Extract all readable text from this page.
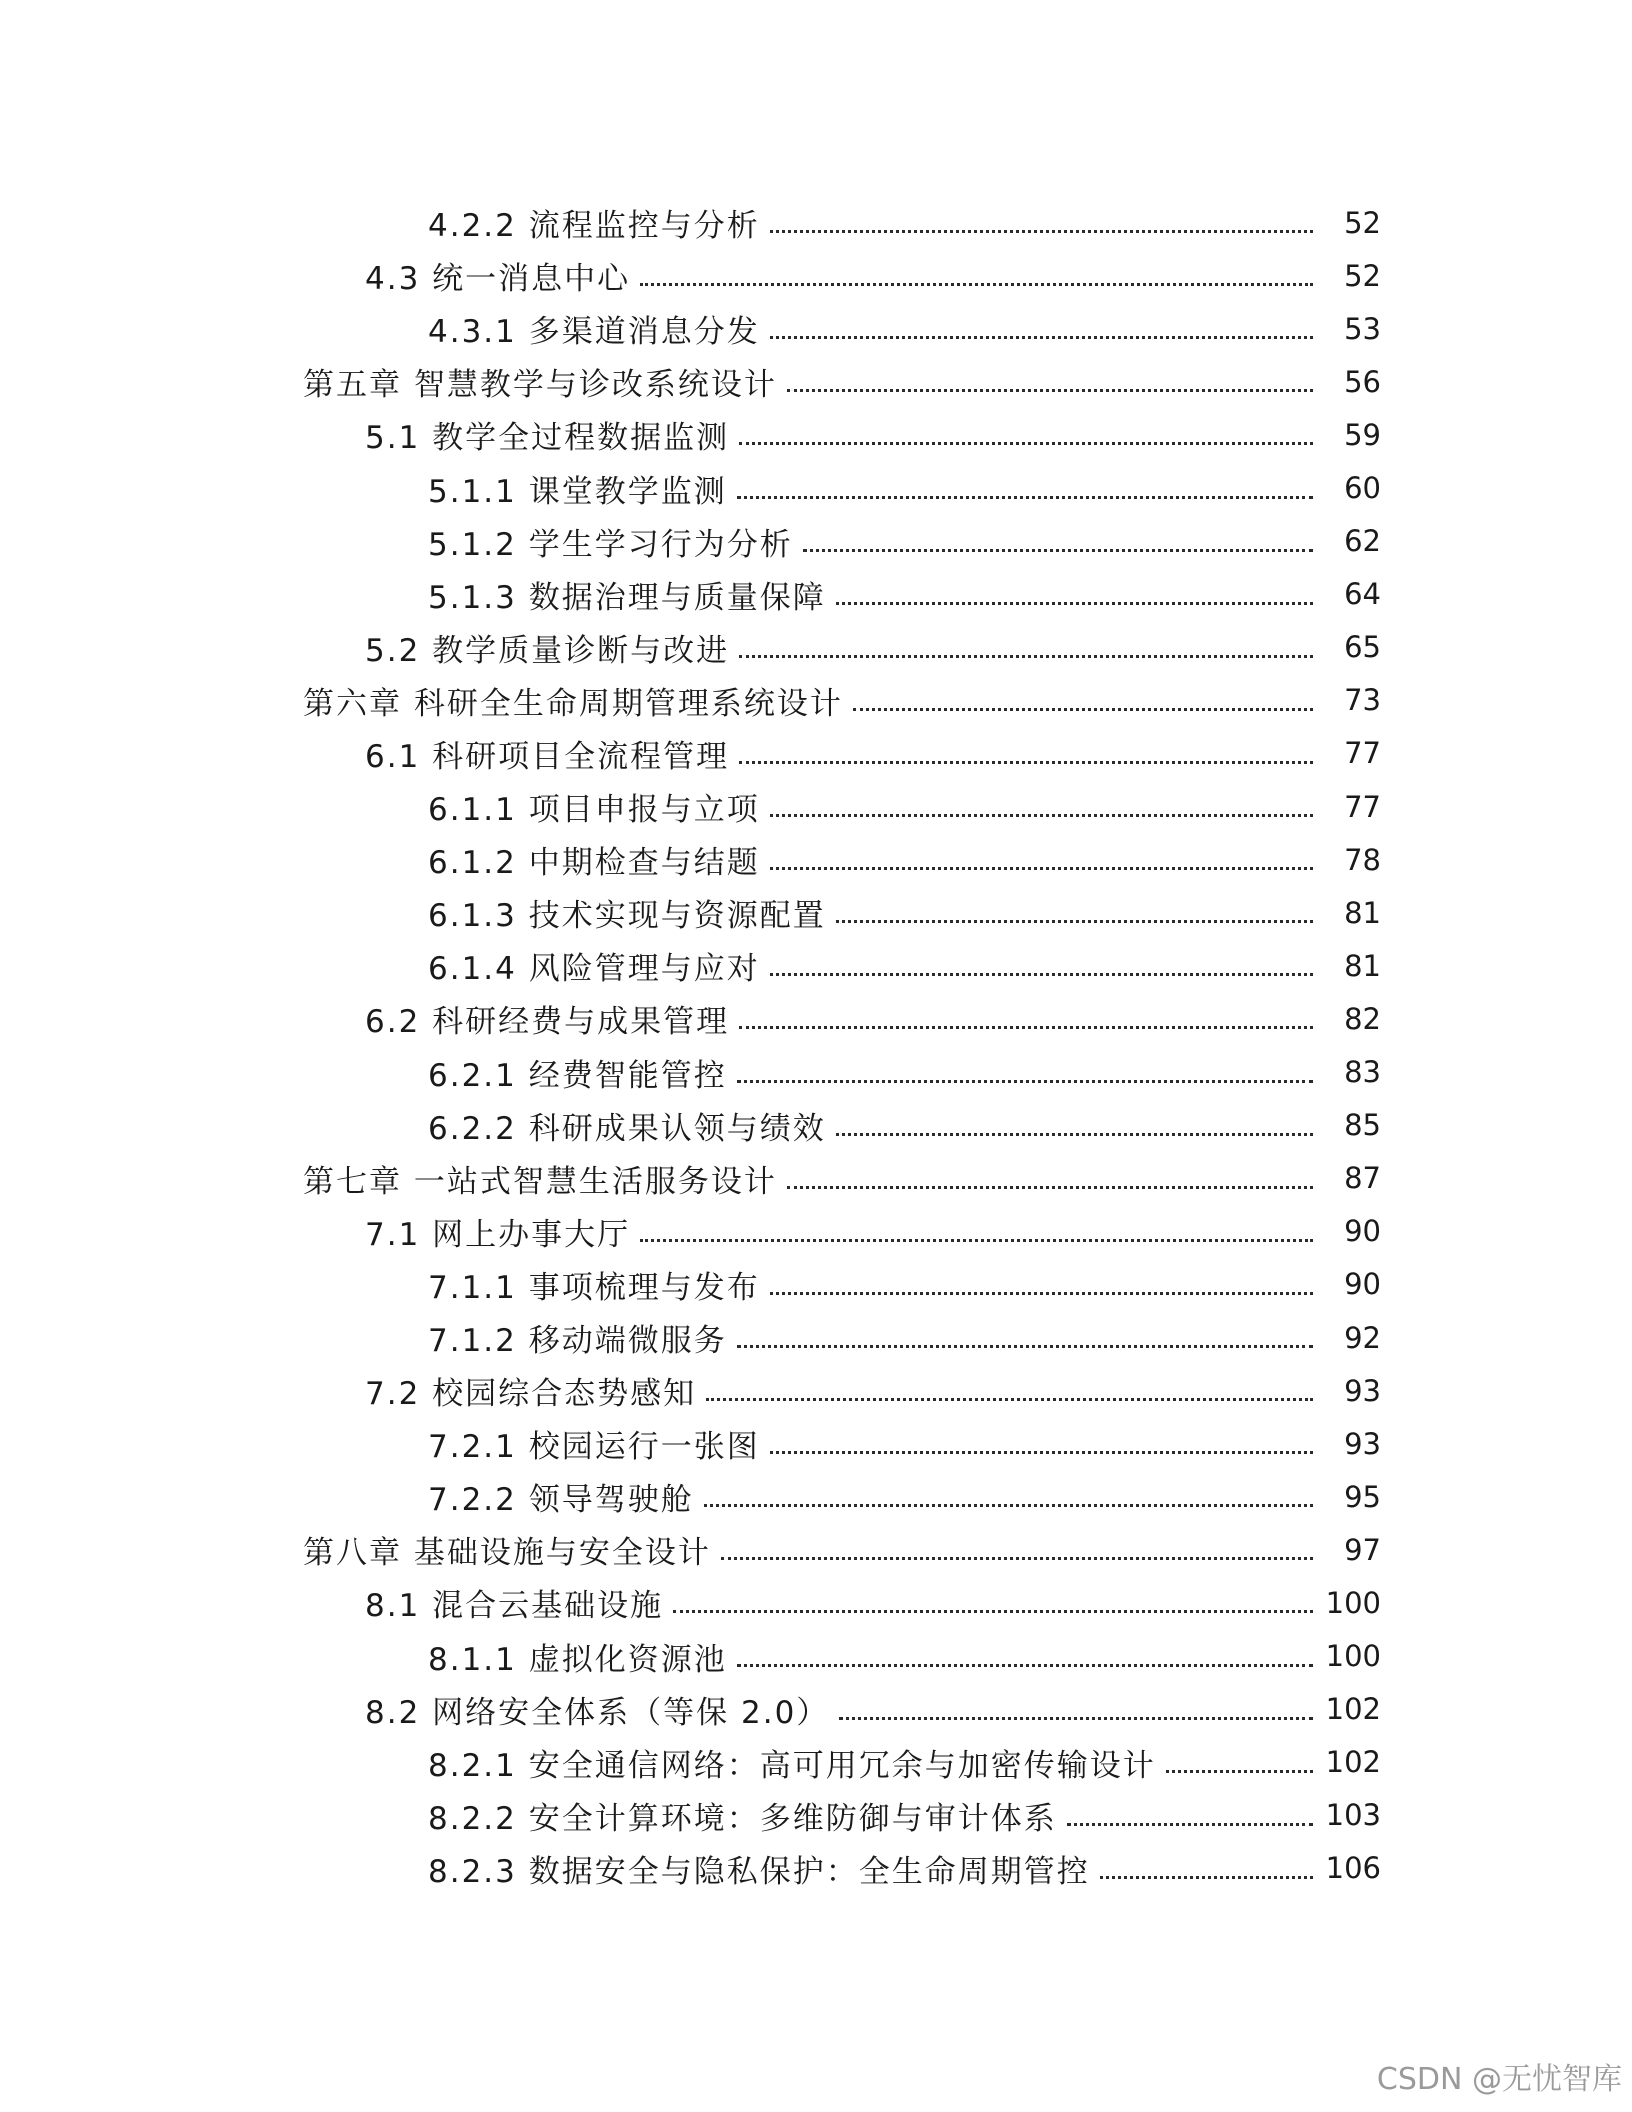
4.2.2 流程监控与分析	52
4.3 统一消息中心	52
4.3.1 多渠道消息分发	53
第五章 智慧教学与诊改系统设计	56
5.1 教学全过程数据监测	59
5.1.1 课堂教学监测	60
5.1.2 学生学习行为分析	62
5.1.3 数据治理与质量保障	64
5.2 教学质量诊断与改进	65
第六章 科研全生命周期管理系统设计	73
6.1 科研项目全流程管理	77
6.1.1 项目申报与立项	77
6.1.2 中期检查与结题	78
6.1.3 技术实现与资源配置	81
6.1.4 风险管理与应对	81
6.2 科研经费与成果管理	82
6.2.1 经费智能管控	83
6.2.2 科研成果认领与绩效	85
第七章 一站式智慧生活服务设计	87
7.1 网上办事大厅	90
7.1.1 事项梳理与发布	90
7.1.2 移动端微服务	92
7.2 校园综合态势感知	93
7.2.1 校园运行一张图	93
7.2.2 领导驾驶舱	95
第八章 基础设施与安全设计	97
8.1 混合云基础设施	100
8.1.1 虚拟化资源池	100
8.2 网络安全体系（等保 2.0）	102
8.2.1 安全通信网络：高可用冗余与加密传输设计	102
8.2.2 安全计算环境：多维防御与审计体系	103
8.2.3 数据安全与隐私保护：全生命周期管控	106
CSDN @无忧智库
